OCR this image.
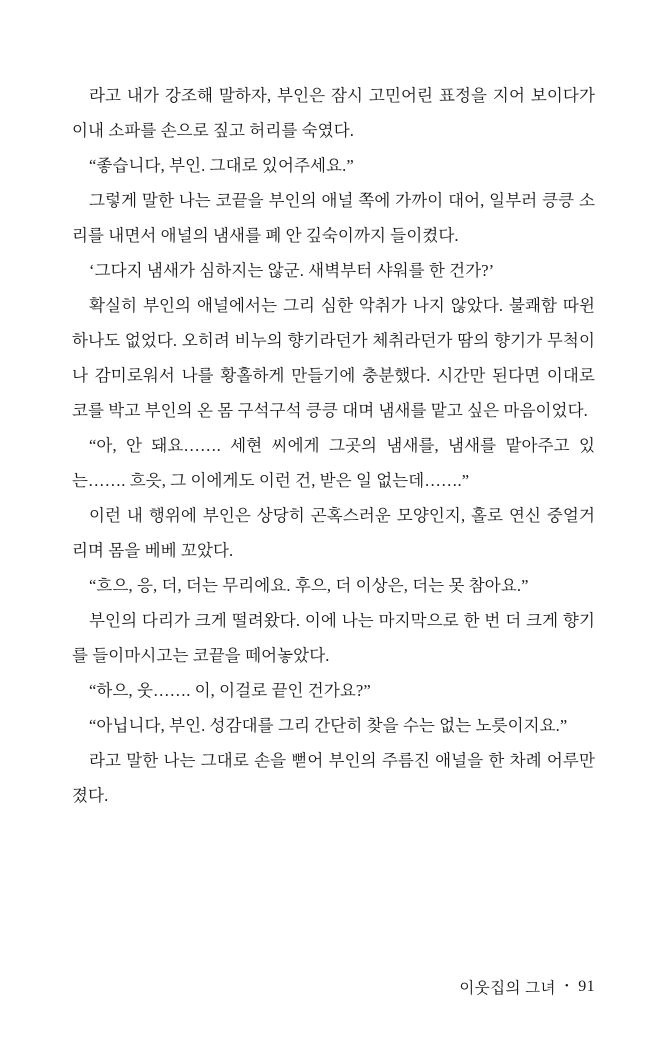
라고 내가 강조해 말하자, 부인은 잠시 고민어린 표정을 지어 보이다가 이내 소파를 손으로 짚고 허리를 숙였다.

“좋습니다, 부인. 그대로 있어주세요.”

그렇게 말한 나는 코끝을 부인의 애널 쪽에 가까이 대어, 일부러 킁킁 소리를 내면서 애널의 냄새를 폐 안 깊숙이까지 들이켰다.

‘그다지 냄새가 심하지는 않군. 새벽부터 샤워를 한 건가?’

확실히 부인의 애널에서는 그리 심한 악취가 나지 않았다. 불쾌함 따윈 하나도 없었다. 오히려 비누의 향기라던가 체취라던가 땀의 향기가 무척이나 감미로워서 나를 황홀하게 만들기에 충분했다. 시간만 된다면 이대로 코를 박고 부인의 온 몸 구석구석 킁킁 대며 냄새를 맡고 싶은 마음이었다.

“아, 안 돼요……. 세현 씨에게 그곳의 냄새를, 냄새를 맡아주고 있는……. 흐읏, 그 이에게도 이런 건, 받은 일 없는데…….”

이런 내 행위에 부인은 상당히 곤혹스러운 모양인지, 홀로 연신 중얼거리며 몸을 베베 꼬았다.

“흐으, 응, 더, 더는 무리에요. 후으, 더 이상은, 더는 못 참아요.”

부인의 다리가 크게 떨려왔다. 이에 나는 마지막으로 한 번 더 크게 향기를 들이마시고는 코끝을 떼어놓았다.

“하으, 웃……. 이, 이걸로 끝인 건가요?”

“아닙니다, 부인. 성감대를 그리 간단히 찾을 수는 없는 노릇이지요.”

라고 말한 나는 그대로 손을 뻗어 부인의 주름진 애널을 한 차례 어루만졌다.

이웃집의 그녀 • 91
